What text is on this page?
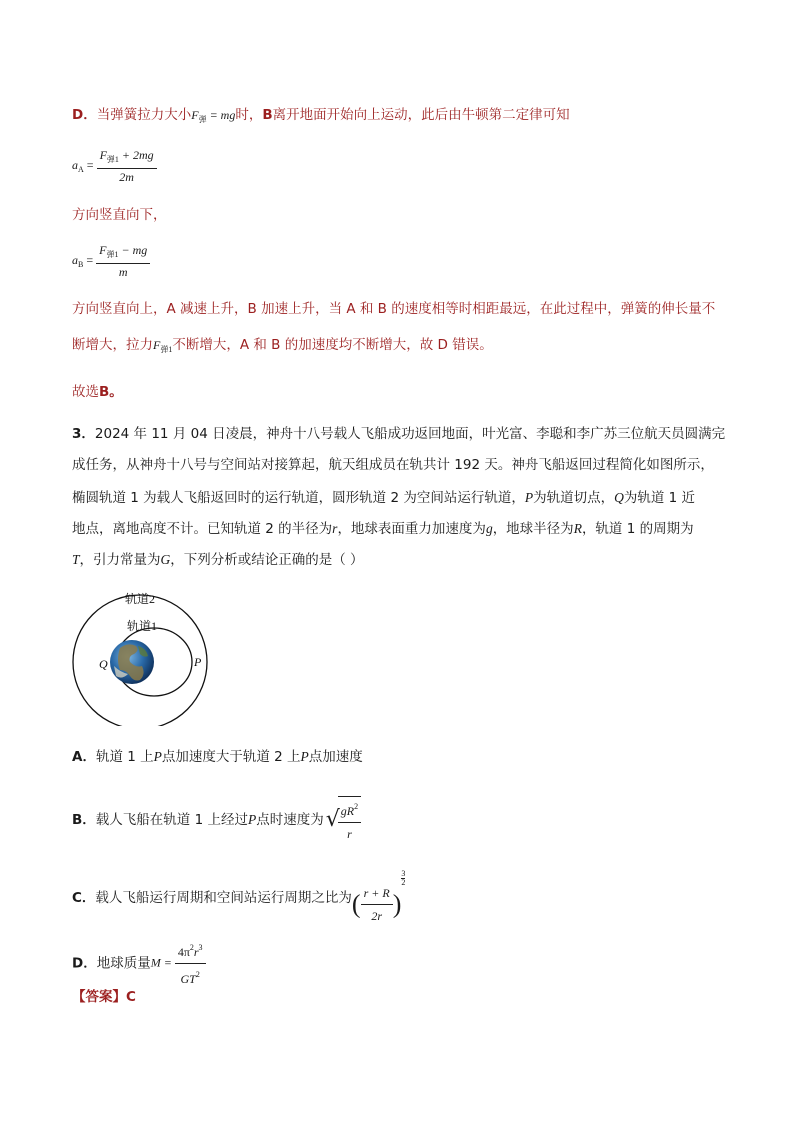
D．当弹簧拉力大小$F_弹$ = mg时，B离开地面开始向上运动，此后由牛顿第二定律可知
$a_A = \frac{F_{弹1} + 2mg}{2m}$
方向竖直向下，
$a_B = \frac{F_{弹1} - mg}{m}$
方向竖直向上，A 减速上升，B 加速上升，当 A 和 B 的速度相等时相距最远，在此过程中，弹簧的伸长量不
断增大，拉力$F_{弹1}$不断增大，A 和 B 的加速度均不断增大，故 D 错误。
故选B。
3．2024 年 11 月 04 日凌晨，神舟十八号载人飞船成功返回地面，叶光富、李聪和李广苏三位航天员圆满完
成任务，从神舟十八号与空间站对接算起，航天组成员在轨共计 192 天。神舟飞船返回过程简化如图所示，
椭圆轨道 1 为载人飞船返回时的运行轨道，圆形轨道 2 为空间站运行轨道，P为轨道切点，Q为轨道 1 近
地点，离地高度不计。已知轨道 2 的半径为r，地球表面重力加速度为g，地球半径为R，轨道 1 的周期为
T，引力常量为G，下列分析或结论正确的是（ ）
轨道2
轨道1
Q	P
A．轨道 1 上P点加速度大于轨道 2 上P点加速度
B．载人飞船在轨道 1 上经过P点时速度为√
$\frac{gR^2}{r}$
C．载人飞船运行周期和空间站运行周期之比为( $\frac{r + R}{2r}$ )
$\frac{3}{2}$
D．地球质量$M = \frac{4\pi^2r^3}{GT^2}$
【答案】C
